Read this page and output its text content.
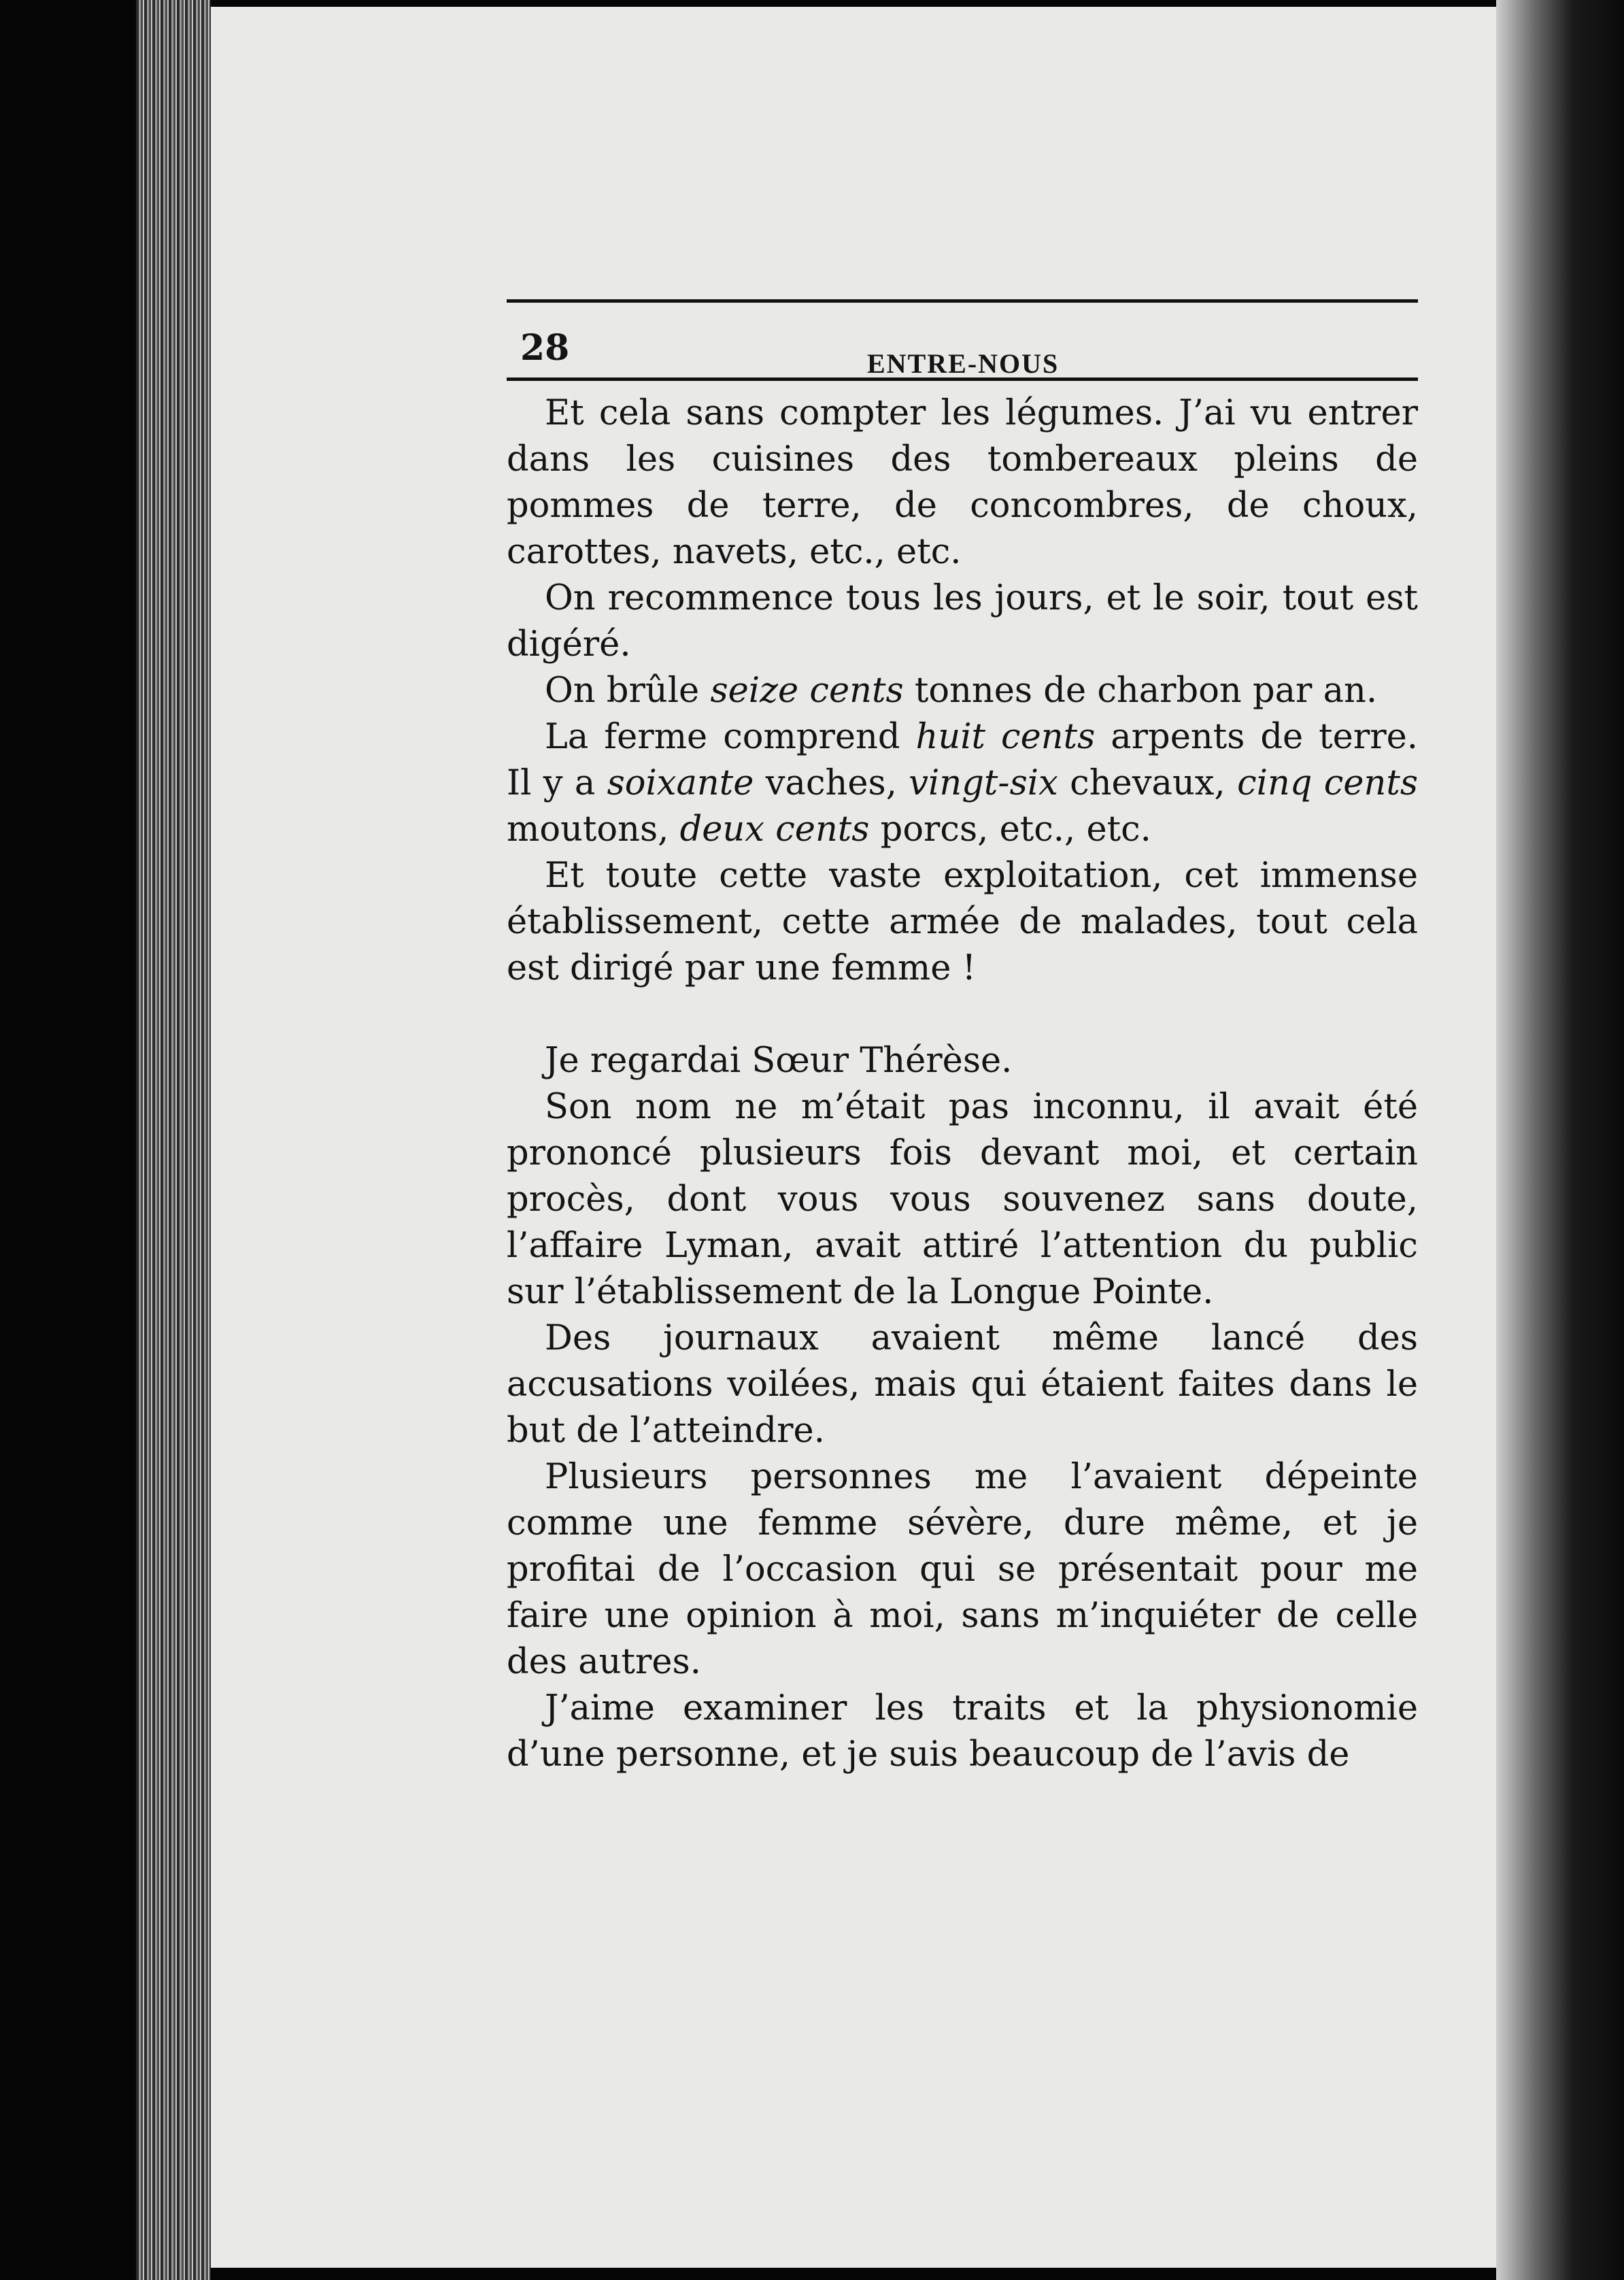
28	ENTRE-NOUS

Et cela sans compter les légumes. J’ai vu entrer dans les cuisines des tombereaux pleins de pommes de terre, de concombres, de choux, carottes, navets, etc., etc.

On recommence tous les jours, et le soir, tout est digéré.

On brûle seize cents tonnes de charbon par an.

La ferme comprend huit cents arpents de terre. Il y a soixante vaches, vingt-six chevaux, cinq cents moutons, deux cents porcs, etc., etc.

Et toute cette vaste exploitation, cet immense établissement, cette armée de malades, tout cela est dirigé par une femme !

Je regardai Sœur Thérèse.

Son nom ne m’était pas inconnu, il avait été prononcé plusieurs fois devant moi, et certain procès, dont vous vous souvenez sans doute, l’affaire Lyman, avait attiré l’attention du public sur l’établissement de la Longue Pointe.

Des journaux avaient même lancé des accusations voilées, mais qui étaient faites dans le but de l’atteindre.

Plusieurs personnes me l’avaient dépeinte comme une femme sévère, dure même, et je profitai de l’occasion qui se présentait pour me faire une opinion à moi, sans m’inquiéter de celle des autres.

J’aime examiner les traits et la physionomie d’une personne, et je suis beaucoup de l’avis de
